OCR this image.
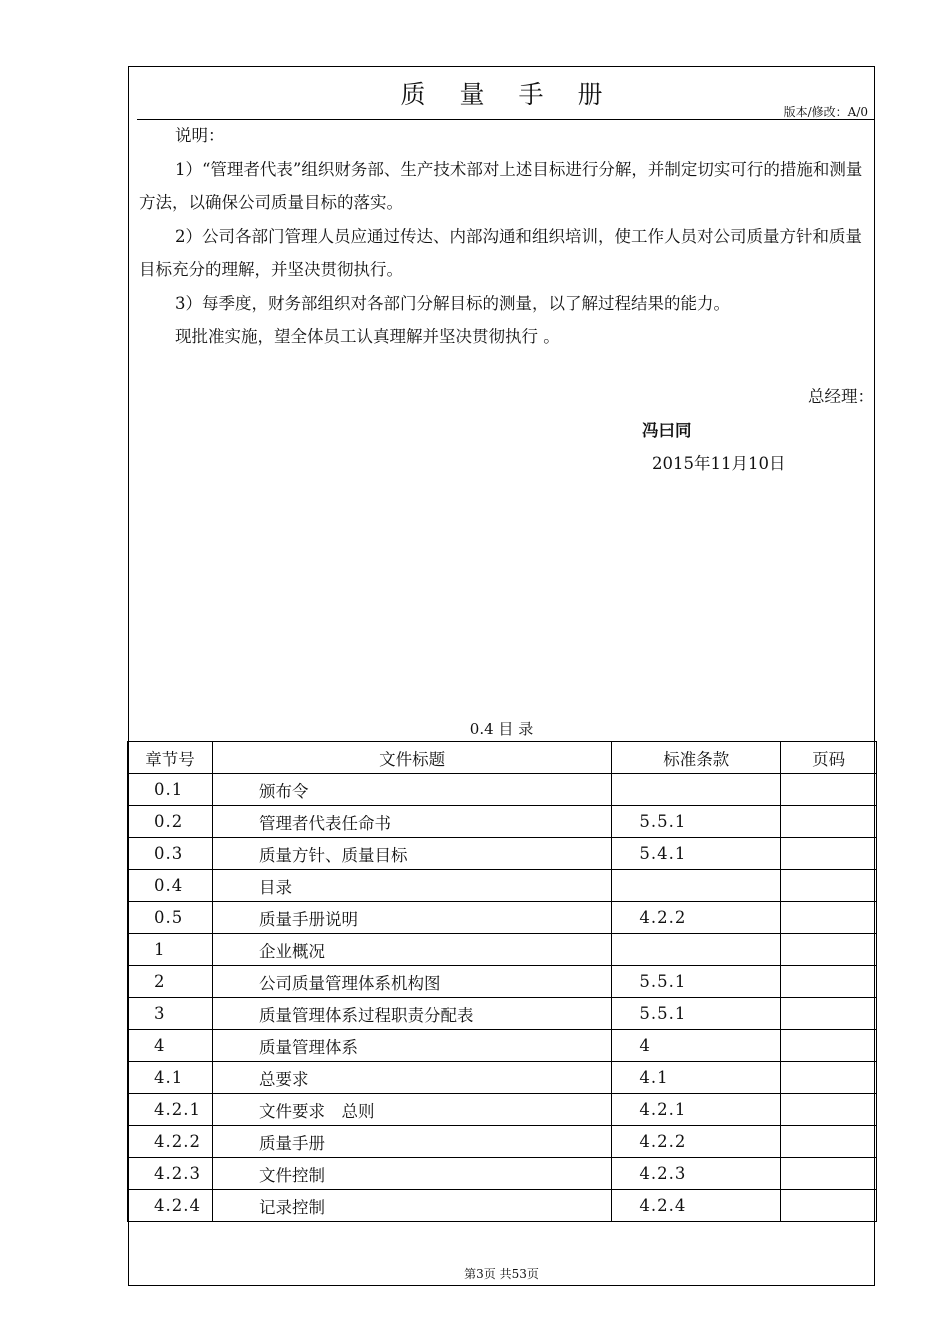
质量手册
版本/修改：A/0

说明：

1）“管理者代表”组织财务部、生产技术部对上述目标进行分解，并制定切实可行的措施和测量方法，以确保公司质量目标的落实。

2）公司各部门管理人员应通过传达、内部沟通和组织培训，使工作人员对公司质量方针和质量目标充分的理解，并坚决贯彻执行。

3）每季度，财务部组织对各部门分解目标的测量，以了解过程结果的能力。

现批准实施，望全体员工认真理解并坚决贯彻执行 。

总经理：
冯曰同
2015年11月10日
0.4 目 录
章节号	文件标题	标准条款	页码
0.1	颁布令		
0.2	管理者代表任命书	5.5.1	
0.3	质量方针、质量目标	5.4.1	
0.4	目录		
0.5	质量手册说明	4.2.2	
1	企业概况		
2	公司质量管理体系机构图	5.5.1	
3	质量管理体系过程职责分配表	5.5.1	
4	质量管理体系	4	
4.1	总要求	4.1	
4.2.1	文件要求　总则	4.2.1	
4.2.2	质量手册	4.2.2	
4.2.3	文件控制	4.2.3	
4.2.4	记录控制	4.2.4	
第3页 共53页
